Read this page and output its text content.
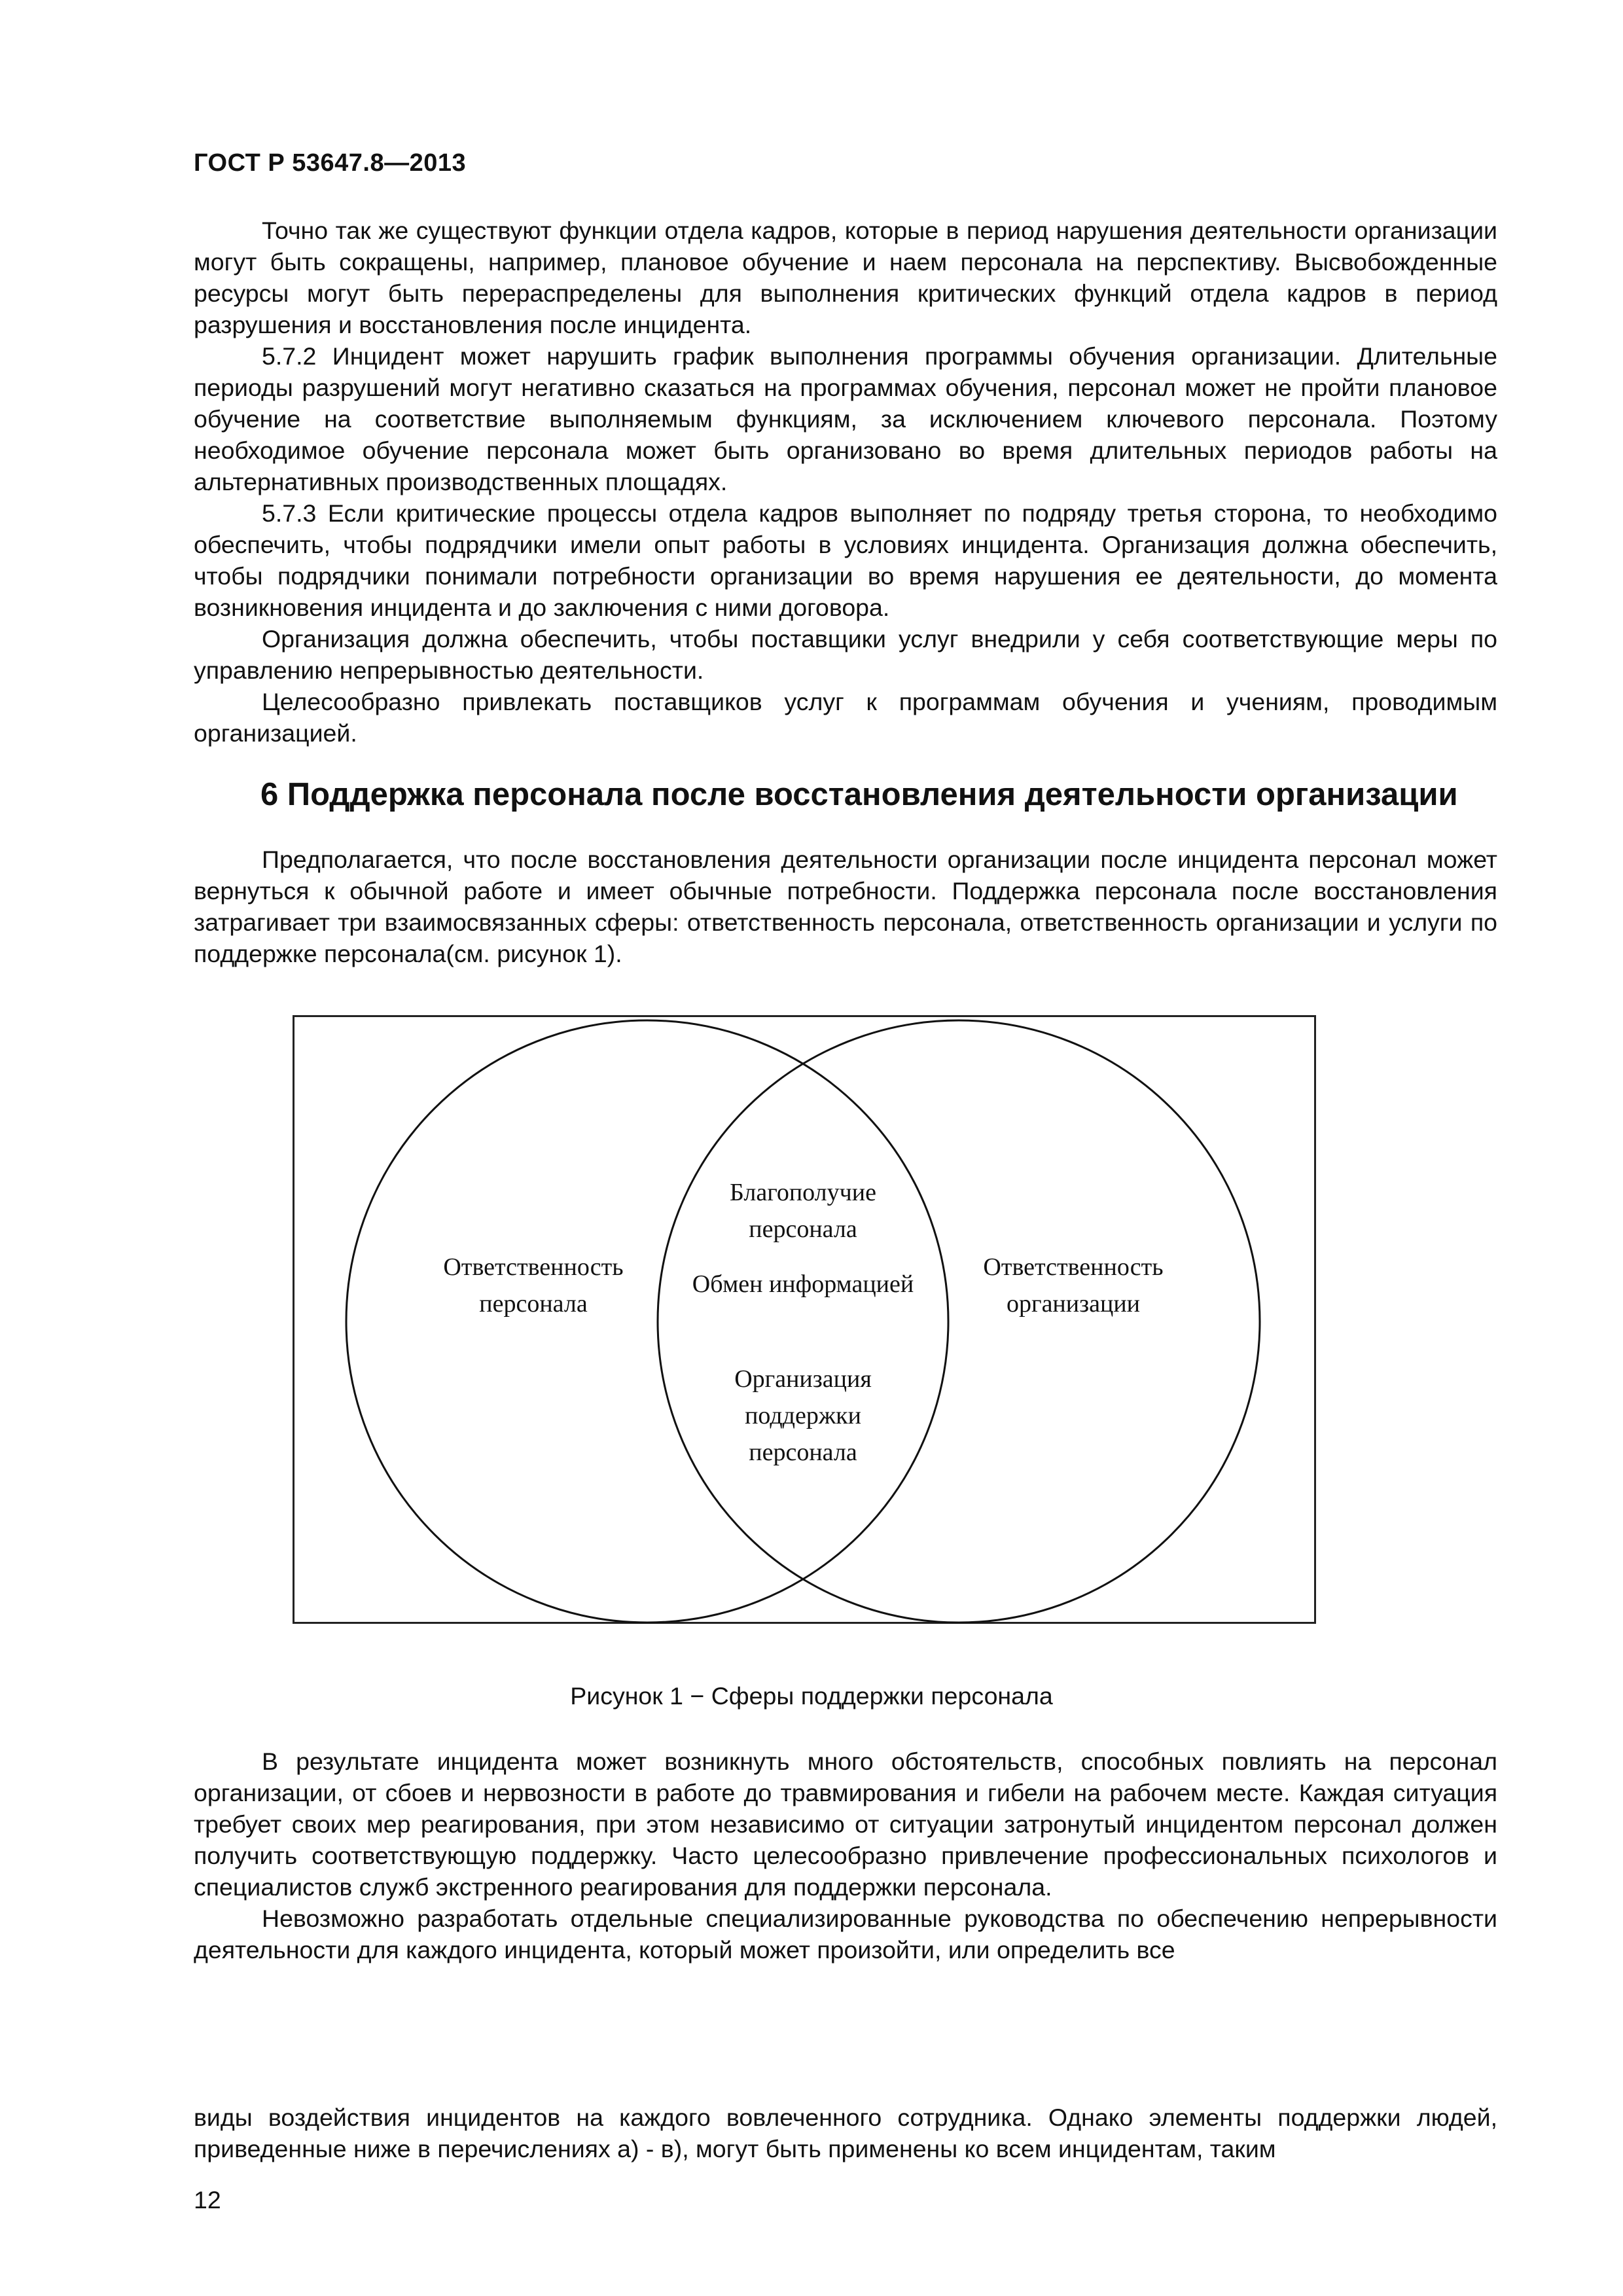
ГОСТ Р 53647.8—2013

Точно так же существуют функции отдела кадров, которые в период нарушения деятельности организации могут быть сокращены, например, плановое обучение и наем персонала на перспективу. Высвобожденные ресурсы могут быть перераспределены для выполнения критических функций отдела кадров в период разрушения и восстановления после инцидента.

5.7.2 Инцидент может нарушить график выполнения программы обучения организации. Длительные периоды разрушений могут негативно сказаться на программах обучения, персонал может не пройти плановое обучение на соответствие выполняемым функциям, за исключением ключевого персонала. Поэтому необходимое обучение персонала может быть организовано во время длительных периодов работы на альтернативных производственных площадях.

5.7.3 Если критические процессы отдела кадров выполняет по подряду третья сторона, то необходимо обеспечить, чтобы подрядчики имели опыт работы в условиях инцидента. Организация должна обеспечить, чтобы подрядчики понимали потребности организации во время нарушения ее деятельности, до момента возникновения инцидента и до заключения с ними договора.

Организация должна обеспечить, чтобы поставщики услуг внедрили у себя соответствующие меры по управлению непрерывностью деятельности.

Целесообразно привлекать поставщиков услуг к программам обучения и учениям, проводимым организацией.

6 Поддержка персонала после восстановления деятельности организации

Предполагается, что после восстановления деятельности организации после инцидента персонал может вернуться к обычной работе и имеет обычные потребности. Поддержка персонала после восстановления затрагивает три взаимосвязанных сферы: ответственность персонала, ответственность организации и услуги по поддержке персонала(см. рисунок 1).

Ответственность персонала
Ответственность организации
Благополучие персонала
Обмен информацией
Организация поддержки персонала
Рисунок 1 − Сферы поддержки персонала

В результате инцидента может возникнуть много обстоятельств, способных повлиять на персонал организации, от сбоев и нервозности в работе до травмирования и гибели на рабочем месте. Каждая ситуация требует своих мер реагирования, при этом независимо от ситуации затронутый инцидентом персонал должен получить соответствующую поддержку. Часто целесообразно привлечение профессиональных психологов и специалистов служб экстренного реагирования для поддержки персонала.

Невозможно разработать отдельные специализированные руководства по обеспечению непрерывности деятельности для каждого инцидента, который может произойти, или определить все

виды воздействия инцидентов на каждого вовлеченного сотрудника. Однако элементы поддержки людей, приведенные ниже в перечислениях а) - в), могут быть применены ко всем инцидентам, таким

12
